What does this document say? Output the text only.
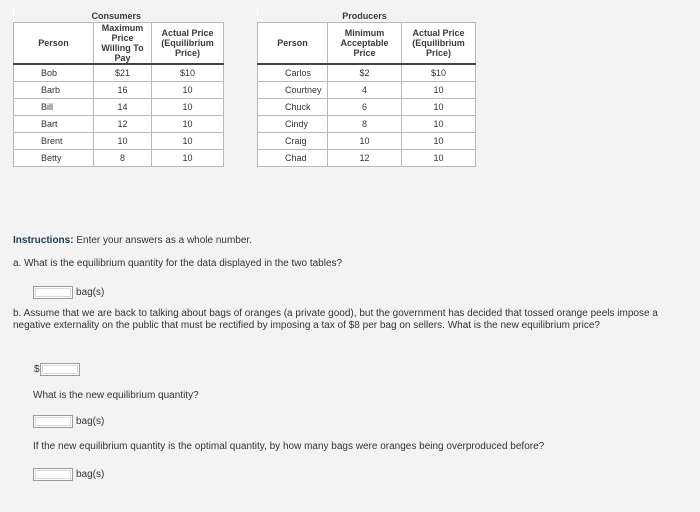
	Consumers	
Person	Maximum Price Willing To Pay	Actual Price (Equilibrium Price)
Bob	$21	$10
Barb	16	10
Bill	14	10
Bart	12	10
Brent	10	10
Betty	8	10
	Producers	
Person	Minimum Acceptable Price	Actual Price (Equilibrium Price)
Carlos	$2	$10
Courtney	4	10
Chuck	6	10
Cindy	8	10
Craig	10	10
Chad	12	10
Instructions: Enter your answers as a whole number.
a. What is the equilibrium quantity for the data displayed in the two tables?
bag(s)
b. Assume that we are back to talking about bags of oranges (a private good), but the government has decided that tossed orange peels impose a negative externality on the public that must be rectified by imposing a tax of $8 per bag on sellers. What is the new equilibrium price?
$
What is the new equilibrium quantity?
bag(s)
If the new equilibrium quantity is the optimal quantity, by how many bags were oranges being overproduced before?
bag(s)
